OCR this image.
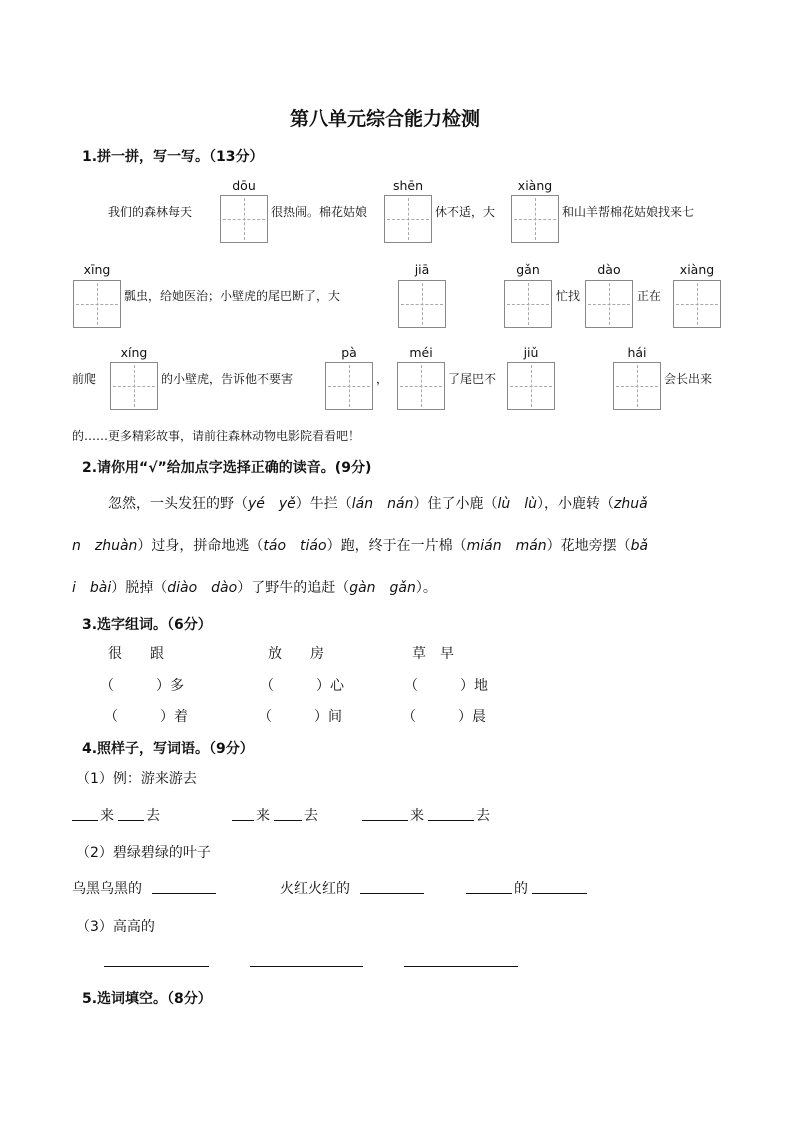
第八单元综合能力检测
1.拼一拼，写一写。（13分）
dōu	shēn	xiàng
我们的森林每天	很热闹。棉花姑娘	休不适，大	和山羊帮棉花姑娘找来七
xīng	jiā	gǎn	dào	xiàng
瓢虫，给她医治；小壁虎的尾巴断了，大	忙找	正在
xíng	pà	méi	jiǔ	hái
前爬	的小壁虎，告诉他不要害	，	了尾巴不	会长出来
的……更多精彩故事，请前往森林动物电影院看看吧！
2.请你用“√”给加点字选择正确的读音。(9分)
忽然，一头发狂的野（yé　yě）牛拦（lán　nán）住了小鹿（lù　lù），小鹿转（zhuǎ
n　zhuàn）过身，拼命地逃（táo　tiáo）跑，终于在一片棉（mián　mán）花地旁摆（bǎ
i　bài）脱掉（diào　dào）了野牛的追赶（gàn　gǎn）。
3.选字组词。（6分）
很　　跟	放　　房	草　早
（　　　）多	（　　　）心	（　　　）地
（　　　）着	（　　　）间	（　　　）晨
4.照样子，写词语。（9分）
（1）例：游来游去
来 去	来 去	来	去
（2）碧绿碧绿的叶子
乌黑乌黑的	火红火红的	的
（3）高高的
5.选词填空。（8分）
